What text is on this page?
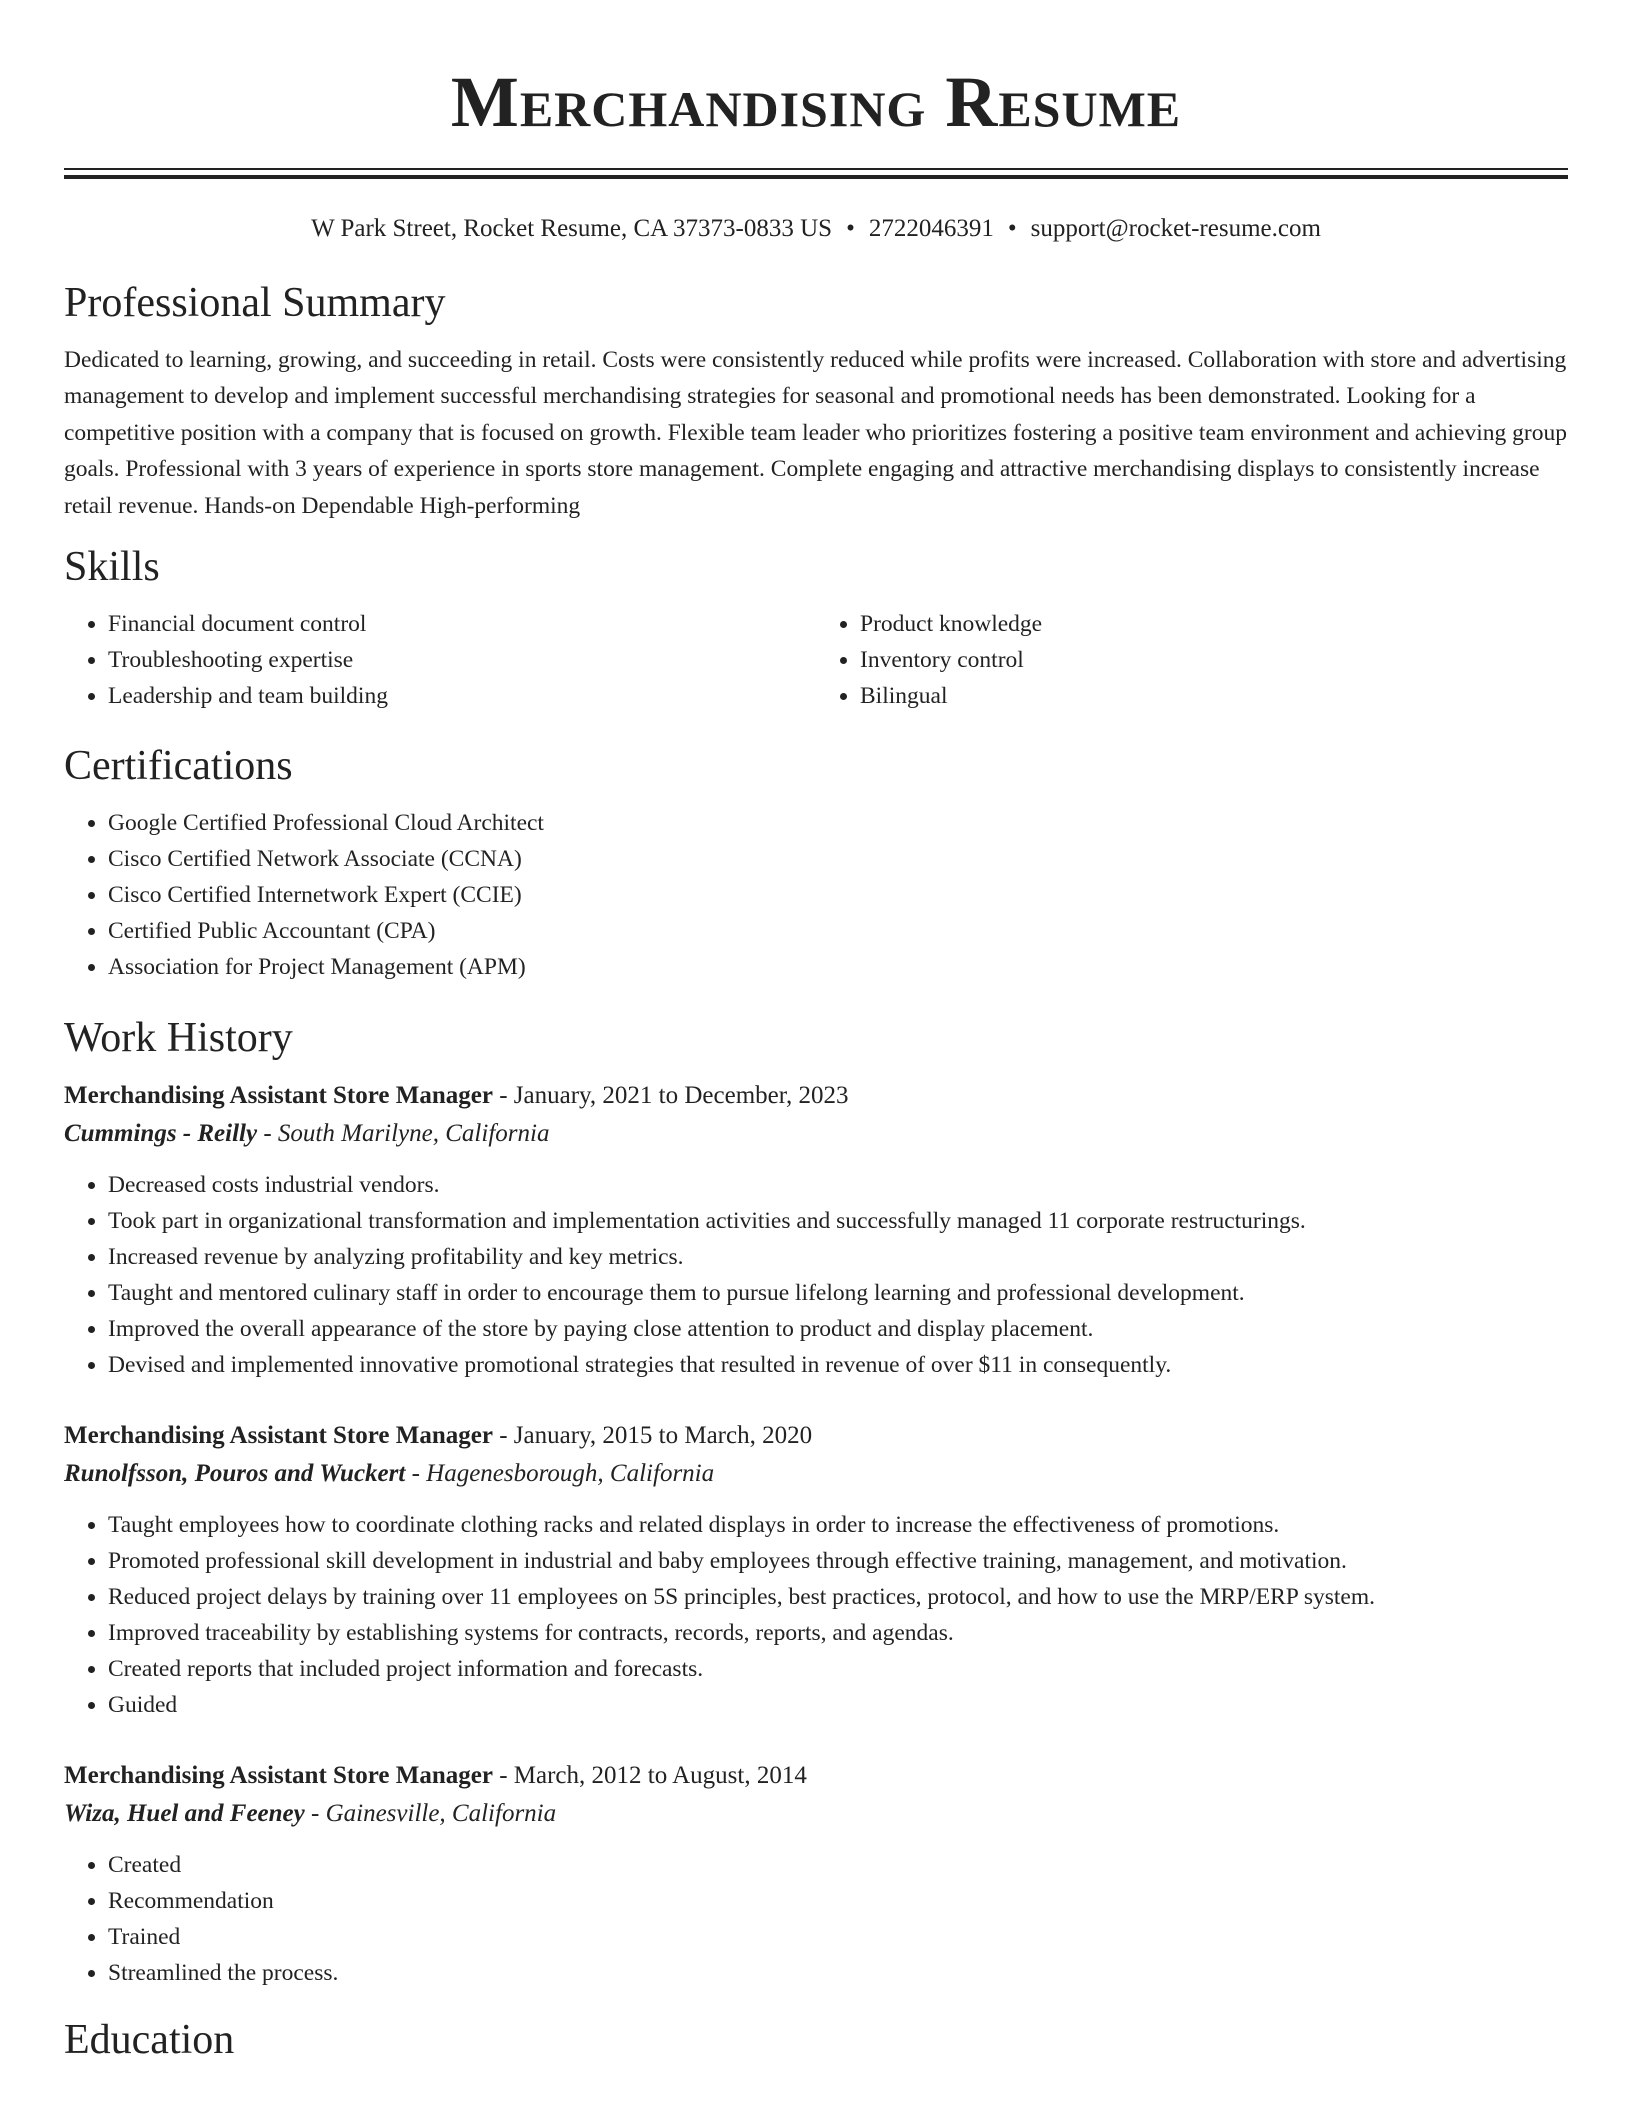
Merchandising Resume
W Park Street, Rocket Resume, CA 37373-0833 US • 2722046391 • support@rocket-resume.com
Professional Summary

Dedicated to learning, growing, and succeeding in retail. Costs were consistently reduced while profits were increased. Collaboration with store and advertising management to develop and implement successful merchandising strategies for seasonal and promotional needs has been demonstrated. Looking for a competitive position with a company that is focused on growth. Flexible team leader who prioritizes fostering a positive team environment and achieving group goals. Professional with 3 years of experience in sports store management. Complete engaging and attractive merchandising displays to consistently increase retail revenue. Hands-on Dependable High-performing

Skills
• Financial document control
• Troubleshooting expertise
• Leadership and team building
• Product knowledge
• Inventory control
• Bilingual
Certifications
• Google Certified Professional Cloud Architect
• Cisco Certified Network Associate (CCNA)
• Cisco Certified Internetwork Expert (CCIE)
• Certified Public Accountant (CPA)
• Association for Project Management (APM)
Work History
Merchandising Assistant Store Manager - January, 2021 to December, 2023
Cummings - Reilly - South Marilyne, California
• Decreased costs industrial vendors.
• Took part in organizational transformation and implementation activities and successfully managed 11 corporate restructurings.
• Increased revenue by analyzing profitability and key metrics.
• Taught and mentored culinary staff in order to encourage them to pursue lifelong learning and professional development.
• Improved the overall appearance of the store by paying close attention to product and display placement.
• Devised and implemented innovative promotional strategies that resulted in revenue of over $11 in consequently.
Merchandising Assistant Store Manager - January, 2015 to March, 2020
Runolfsson, Pouros and Wuckert - Hagenesborough, California
• Taught employees how to coordinate clothing racks and related displays in order to increase the effectiveness of promotions.
• Promoted professional skill development in industrial and baby employees through effective training, management, and motivation.
• Reduced project delays by training over 11 employees on 5S principles, best practices, protocol, and how to use the MRP/ERP system.
• Improved traceability by establishing systems for contracts, records, reports, and agendas.
• Created reports that included project information and forecasts.
• Guided
Merchandising Assistant Store Manager - March, 2012 to August, 2014
Wiza, Huel and Feeney - Gainesville, California
• Created
• Recommendation
• Trained
• Streamlined the process.
Education
